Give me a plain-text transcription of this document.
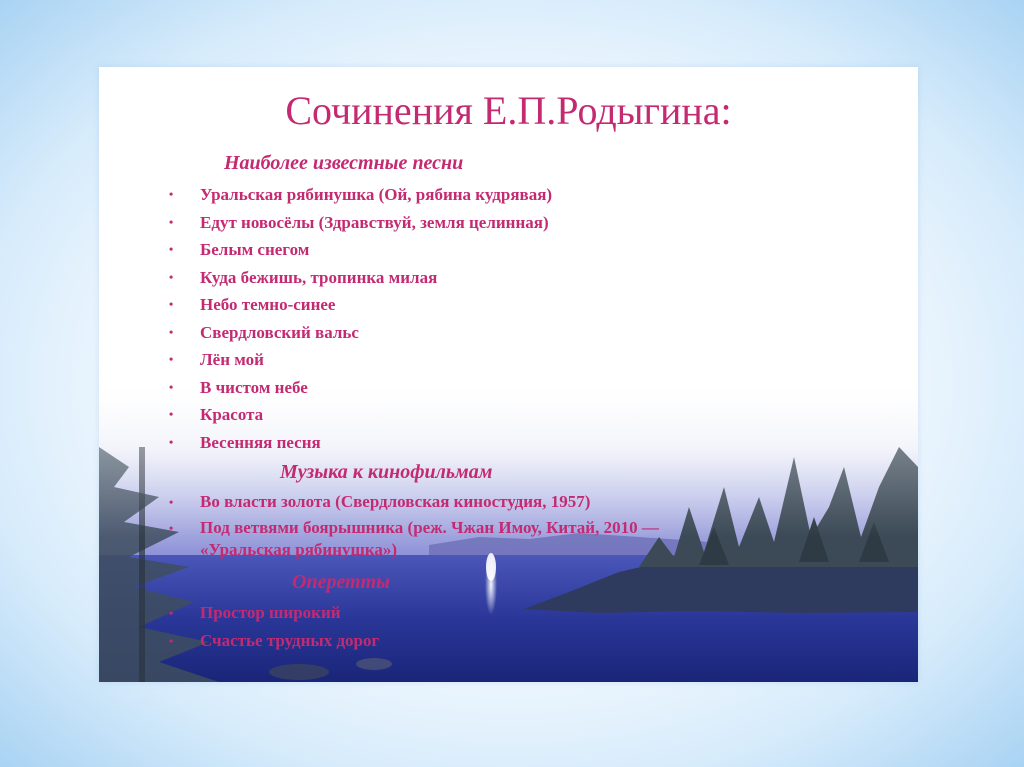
Сочинения Е.П.Родыгина:
Наиболее известные песни
• Уральская рябинушка (Ой, рябина кудрявая)
• Едут новосёлы (Здравствуй, земля целинная)
• Белым снегом
• Куда бежишь, тропинка милая
• Небо темно-синее
• Свердловский вальс
• Лён мой
• В чистом небе
• Красота
• Весенняя песня
Музыка к кинофильмам
• Во власти золота (Свердловская киностудия, 1957)
• Под ветвями боярышника (реж. Чжан Имоу, Китай, 2010 —
«Уральская рябинушка»)
Оперетты
• Простор широкий
• Счастье трудных дорог
